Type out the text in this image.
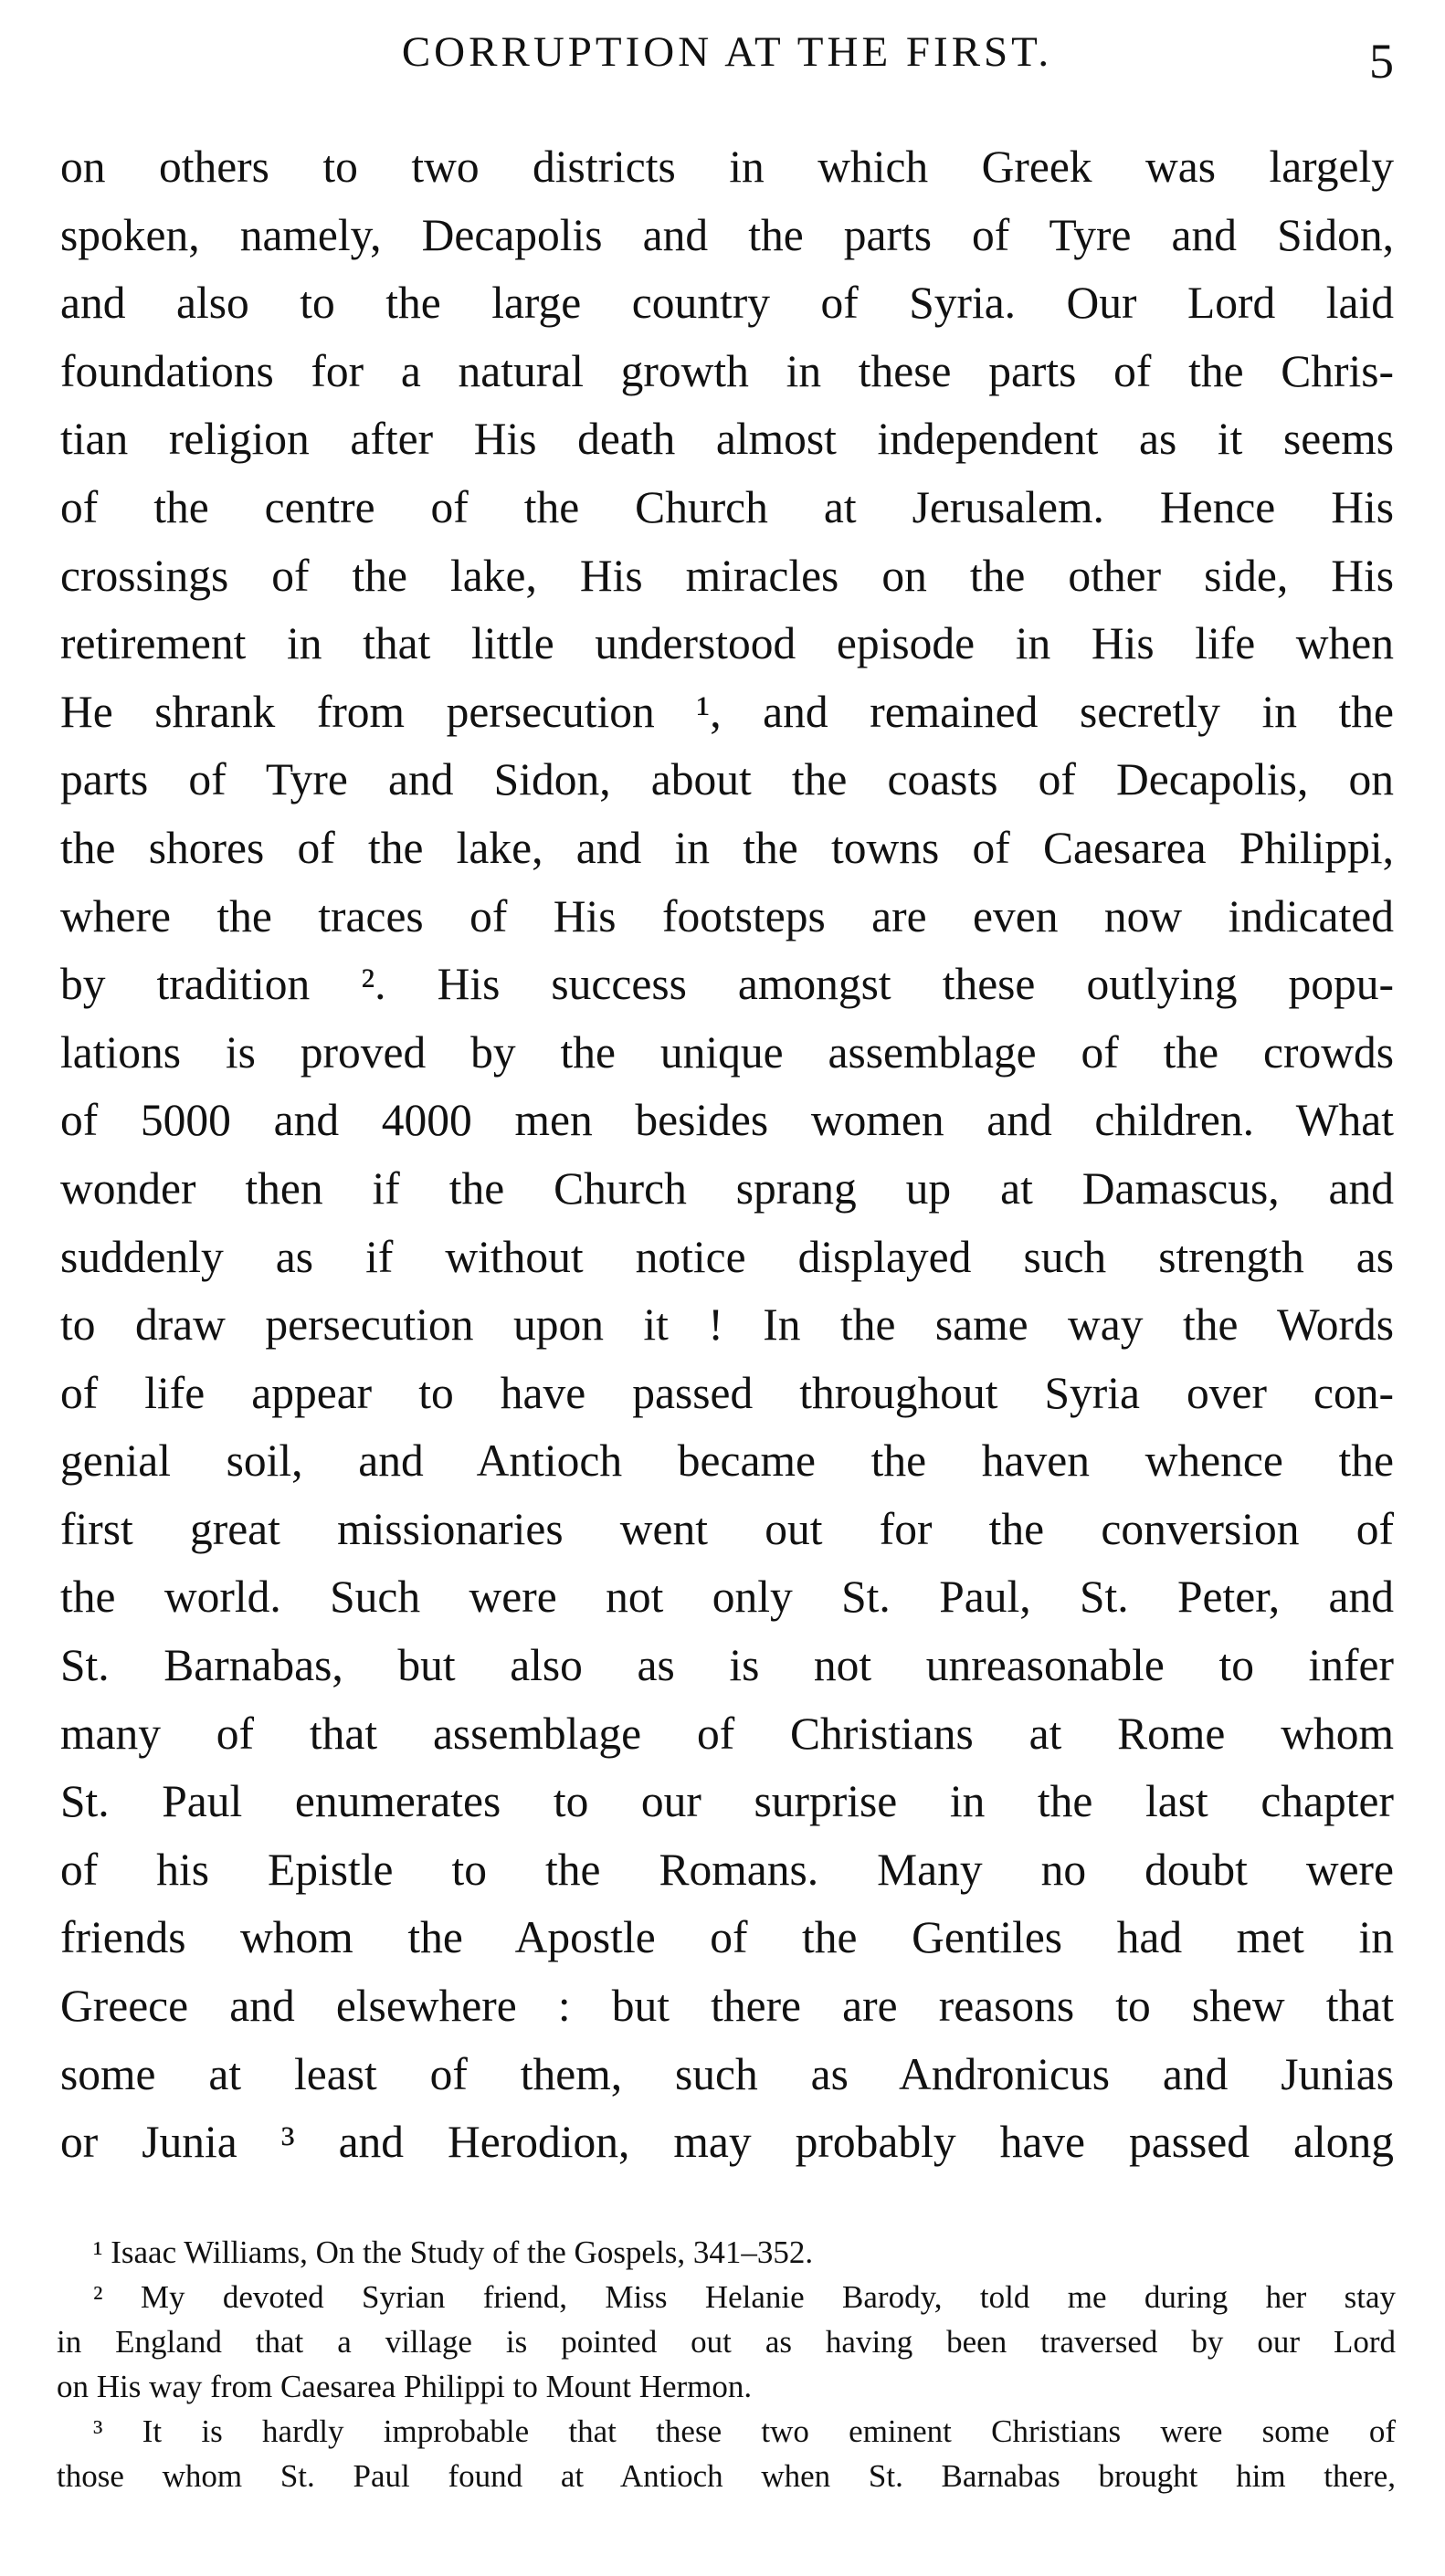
CORRUPTION AT THE FIRST.	5
on others to two districts in which Greek was largely
spoken, namely, Decapolis and the parts of Tyre and Sidon,
and also to the large country of Syria. Our Lord laid
foundations for a natural growth in these parts of the Chris-
tian religion after His death almost independent as it seems
of the centre of the Church at Jerusalem. Hence His
crossings of the lake, His miracles on the other side, His
retirement in that little understood episode in His life when
He shrank from persecution ¹, and remained secretly in the
parts of Tyre and Sidon, about the coasts of Decapolis, on
the shores of the lake, and in the towns of Caesarea Philippi,
where the traces of His footsteps are even now indicated
by tradition ². His success amongst these outlying popu-
lations is proved by the unique assemblage of the crowds
of 5000 and 4000 men besides women and children. What
wonder then if the Church sprang up at Damascus, and
suddenly as if without notice displayed such strength as
to draw persecution upon it ! In the same way the Words
of life appear to have passed throughout Syria over con-
genial soil, and Antioch became the haven whence the
first great missionaries went out for the conversion of
the world. Such were not only St. Paul, St. Peter, and
St. Barnabas, but also as is not unreasonable to infer
many of that assemblage of Christians at Rome whom
St. Paul enumerates to our surprise in the last chapter
of his Epistle to the Romans. Many no doubt were
friends whom the Apostle of the Gentiles had met in
Greece and elsewhere : but there are reasons to shew that
some at least of them, such as Andronicus and Junias
or Junia ³ and Herodion, may probably have passed along
¹ Isaac Williams, On the Study of the Gospels, 341–352.
² My devoted Syrian friend, Miss Helanie Barody, told me during her stay
in England that a village is pointed out as having been traversed by our Lord
on His way from Caesarea Philippi to Mount Hermon.
³ It is hardly improbable that these two eminent Christians were some of
those whom St. Paul found at Antioch when St. Barnabas brought him there,
